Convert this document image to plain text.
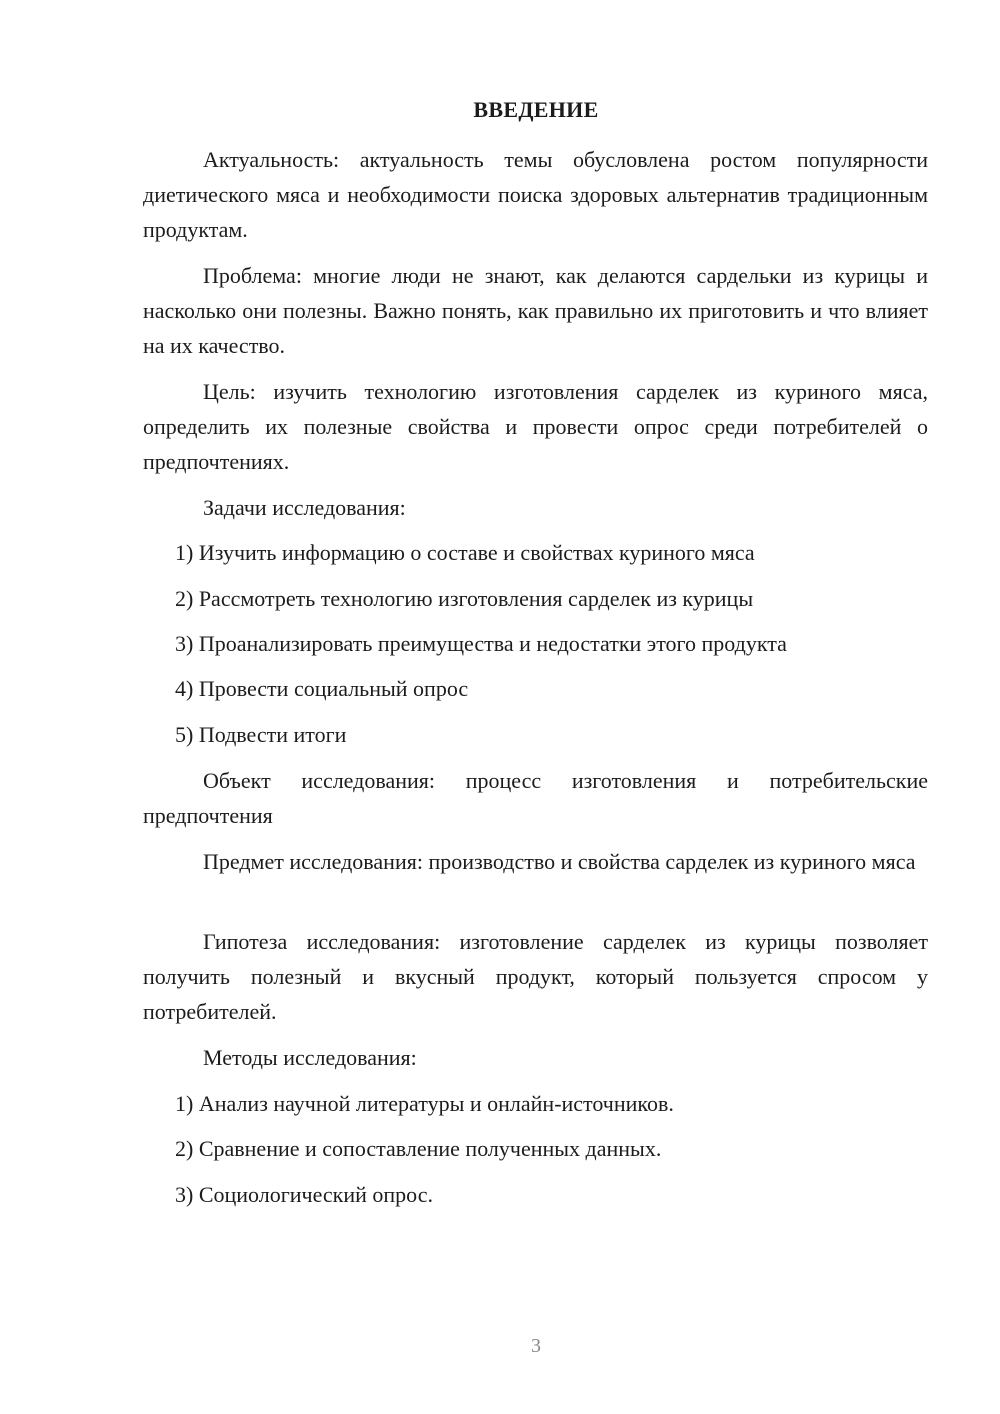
ВВЕДЕНИЕ
Актуальность: актуальность темы обусловлена ростом популярности диетического мяса и необходимости поиска здоровых альтернатив традиционным продуктам.
Проблема: многие люди не знают, как делаются сардельки из курицы и насколько они полезны. Важно понять, как правильно их приготовить и что влияет на их качество.
Цель: изучить технологию изготовления сарделек из куриного мяса, определить их полезные свойства и провести опрос среди потребителей о предпочтениях.
Задачи исследования:
1) Изучить информацию о составе и свойствах куриного мяса
2) Рассмотреть технологию изготовления сарделек из курицы
3) Проанализировать преимущества и недостатки этого продукта
4) Провести социальный опрос
5) Подвести итоги
Объект исследования: процесс изготовления и потребительские предпочтения
Предмет исследования: производство и свойства сарделек из куриного мяса
Гипотеза исследования: изготовление сарделек из курицы позволяет получить полезный и вкусный продукт, который пользуется спросом у потребителей.
Методы исследования:
1) Анализ научной литературы и онлайн-источников.
2) Сравнение и сопоставление полученных данных.
3) Социологический опрос.
3
